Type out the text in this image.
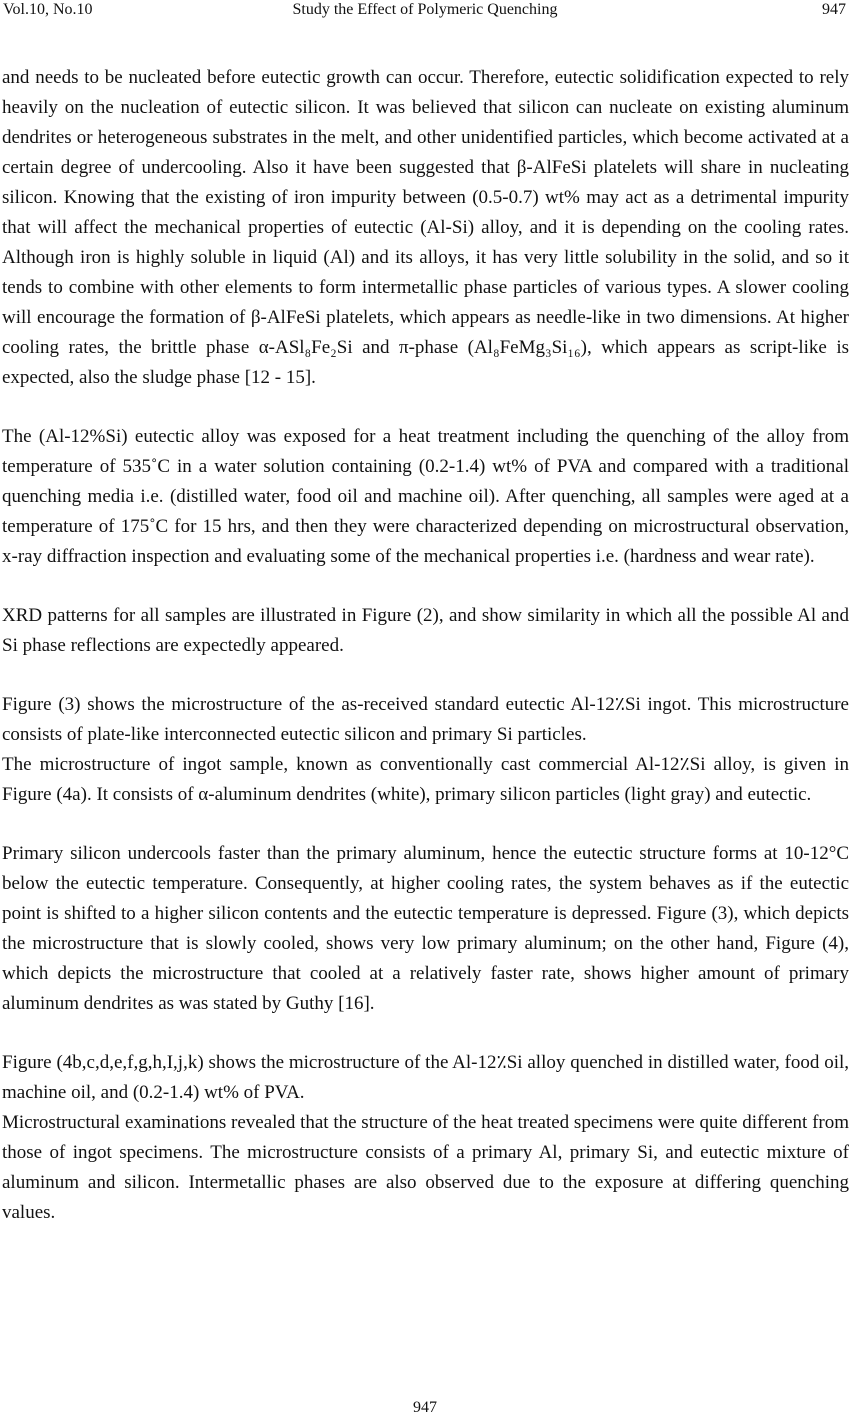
Vol.10, No.10	Study the Effect of Polymeric Quenching	947

and needs to be nucleated before eutectic growth can occur. Therefore, eutectic solidification expected to rely heavily on the nucleation of eutectic silicon. It was believed that silicon can nucleate on existing aluminum dendrites or heterogeneous substrates in the melt, and other unidentified particles, which become activated at a certain degree of undercooling. Also it have been suggested that β-AlFeSi platelets will share in nucleating silicon. Knowing that the existing of iron impurity between (0.5-0.7) wt% may act as a detrimental impurity that will affect the mechanical properties of eutectic (Al-Si) alloy, and it is depending on the cooling rates. Although iron is highly soluble in liquid (Al) and its alloys, it has very little solubility in the solid, and so it tends to combine with other elements to form intermetallic phase particles of various types. A slower cooling will encourage the formation of β-AlFeSi platelets, which appears as needle-like in two dimensions. At higher cooling rates, the brittle phase α-ASl₈Fe₂Si and π-phase (Al₈FeMg₃Si₁₆), which appears as script-like is expected, also the sludge phase [12 - 15].

The (Al-12%Si) eutectic alloy was exposed for a heat treatment including the quenching of the alloy from temperature of 535˚C in a water solution containing (0.2-1.4) wt% of PVA and compared with a traditional quenching media i.e. (distilled water, food oil and machine oil). After quenching, all samples were aged at a temperature of 175˚C for 15 hrs, and then they were characterized depending on microstructural observation, x-ray diffraction inspection and evaluating some of the mechanical properties i.e. (hardness and wear rate).

XRD patterns for all samples are illustrated in Figure (2), and show similarity in which all the possible Al and Si phase reflections are expectedly appeared.

Figure (3) shows the microstructure of the as-received standard eutectic Al-12٪Si ingot. This microstructure consists of plate-like interconnected eutectic silicon and primary Si particles.

The microstructure of ingot sample, known as conventionally cast commercial Al-12٪Si alloy, is given in Figure (4a). It consists of α-aluminum dendrites (white), primary silicon particles (light gray) and eutectic.

Primary silicon undercools faster than the primary aluminum, hence the eutectic structure forms at 10-12°C below the eutectic temperature. Consequently, at higher cooling rates, the system behaves as if the eutectic point is shifted to a higher silicon contents and the eutectic temperature is depressed. Figure (3), which depicts the microstructure that is slowly cooled, shows very low primary aluminum; on the other hand, Figure (4), which depicts the microstructure that cooled at a relatively faster rate, shows higher amount of primary aluminum dendrites as was stated by Guthy [16].

Figure (4b,c,d,e,f,g,h,I,j,k) shows the microstructure of the Al-12٪Si alloy quenched in distilled water, food oil, machine oil, and (0.2-1.4) wt% of PVA.

Microstructural examinations revealed that the structure of the heat treated specimens were quite different from those of ingot specimens. The microstructure consists of a primary Al, primary Si, and eutectic mixture of aluminum and silicon. Intermetallic phases are also observed due to the exposure at differing quenching values.

947
